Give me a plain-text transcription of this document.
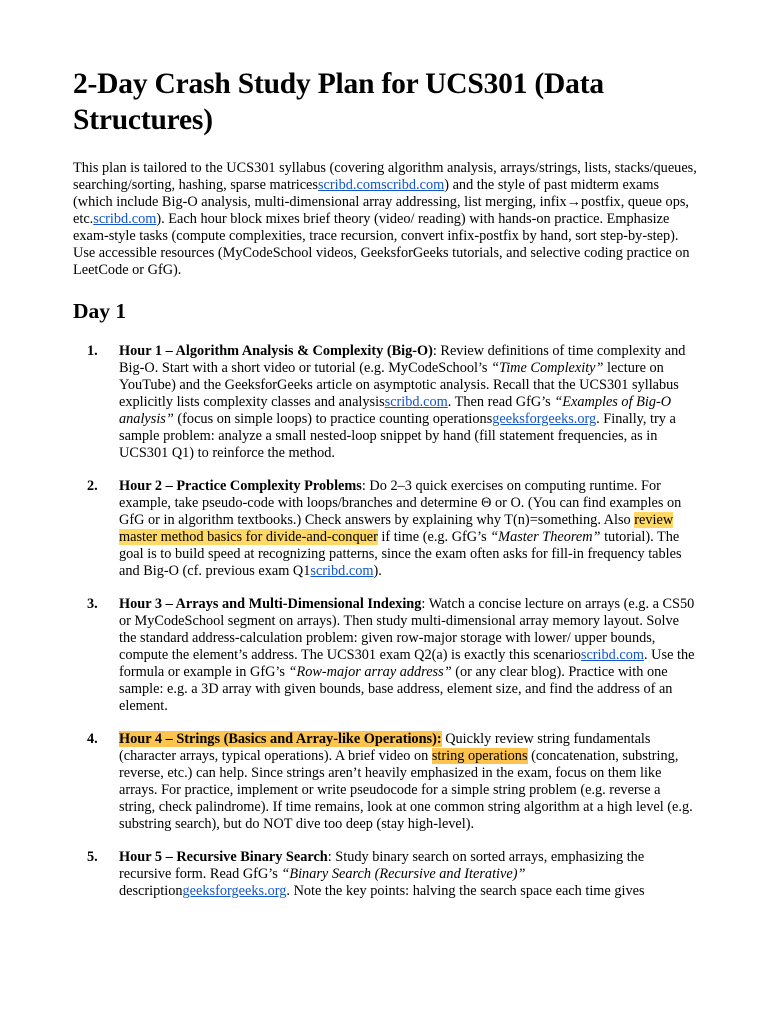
2-Day Crash Study Plan for UCS301 (Data Structures)

This plan is tailored to the UCS301 syllabus (covering algorithm analysis, arrays/strings, lists, stacks/queues, searching/sorting, hashing, sparse matricesscribd.comscribd.com) and the style of past midterm exams (which include Big-O analysis, multi-dimensional array addressing, list merging, infix→postfix, queue ops, etc.scribd.com). Each hour block mixes brief theory (video/ reading) with hands-on practice. Emphasize exam-style tasks (compute complexities, trace recursion, convert infix-postfix by hand, sort step-by-step). Use accessible resources (MyCodeSchool videos, GeeksforGeeks tutorials, and selective coding practice on LeetCode or GfG).

Day 1
1. Hour 1 – Algorithm Analysis & Complexity (Big-O): Review definitions of time complexity and Big-O. Start with a short video or tutorial (e.g. MyCodeSchool’s “Time Complexity” lecture on YouTube) and the GeeksforGeeks article on asymptotic analysis. Recall that the UCS301 syllabus explicitly lists complexity classes and analysisscribd.com. Then read GfG’s “Examples of Big-O analysis” (focus on simple loops) to practice counting operationsgeeksforgeeks.org. Finally, try a sample problem: analyze a small nested-loop snippet by hand (fill statement frequencies, as in UCS301 Q1) to reinforce the method.
2. Hour 2 – Practice Complexity Problems: Do 2–3 quick exercises on computing runtime. For example, take pseudo-code with loops/branches and determine Θ or O. (You can find examples on GfG or in algorithm textbooks.) Check answers by explaining why T(n)=something. Also review master method basics for divide-and-conquer if time (e.g. GfG’s “Master Theorem” tutorial). The goal is to build speed at recognizing patterns, since the exam often asks for fill-in frequency tables and Big-O (cf. previous exam Q1scribd.com).
3. Hour 3 – Arrays and Multi-Dimensional Indexing: Watch a concise lecture on arrays (e.g. a CS50 or MyCodeSchool segment on arrays). Then study multi-dimensional array memory layout. Solve the standard address-calculation problem: given row-major storage with lower/ upper bounds, compute the element’s address. The UCS301 exam Q2(a) is exactly this scenarioscribd.com. Use the formula or example in GfG’s “Row-major array address” (or any clear blog). Practice with one sample: e.g. a 3D array with given bounds, base address, element size, and find the address of an element.
4. Hour 4 – Strings (Basics and Array-like Operations): Quickly review string fundamentals (character arrays, typical operations). A brief video on string operations (concatenation, substring, reverse, etc.) can help. Since strings aren’t heavily emphasized in the exam, focus on them like arrays. For practice, implement or write pseudocode for a simple string problem (e.g. reverse a string, check palindrome). If time remains, look at one common string algorithm at a high level (e.g. substring search), but do NOT dive too deep (stay high-level).
5. Hour 5 – Recursive Binary Search: Study binary search on sorted arrays, emphasizing the recursive form. Read GfG’s “Binary Search (Recursive and Iterative)” descriptiongeeksforgeeks.org. Note the key points: halving the search space each time gives
